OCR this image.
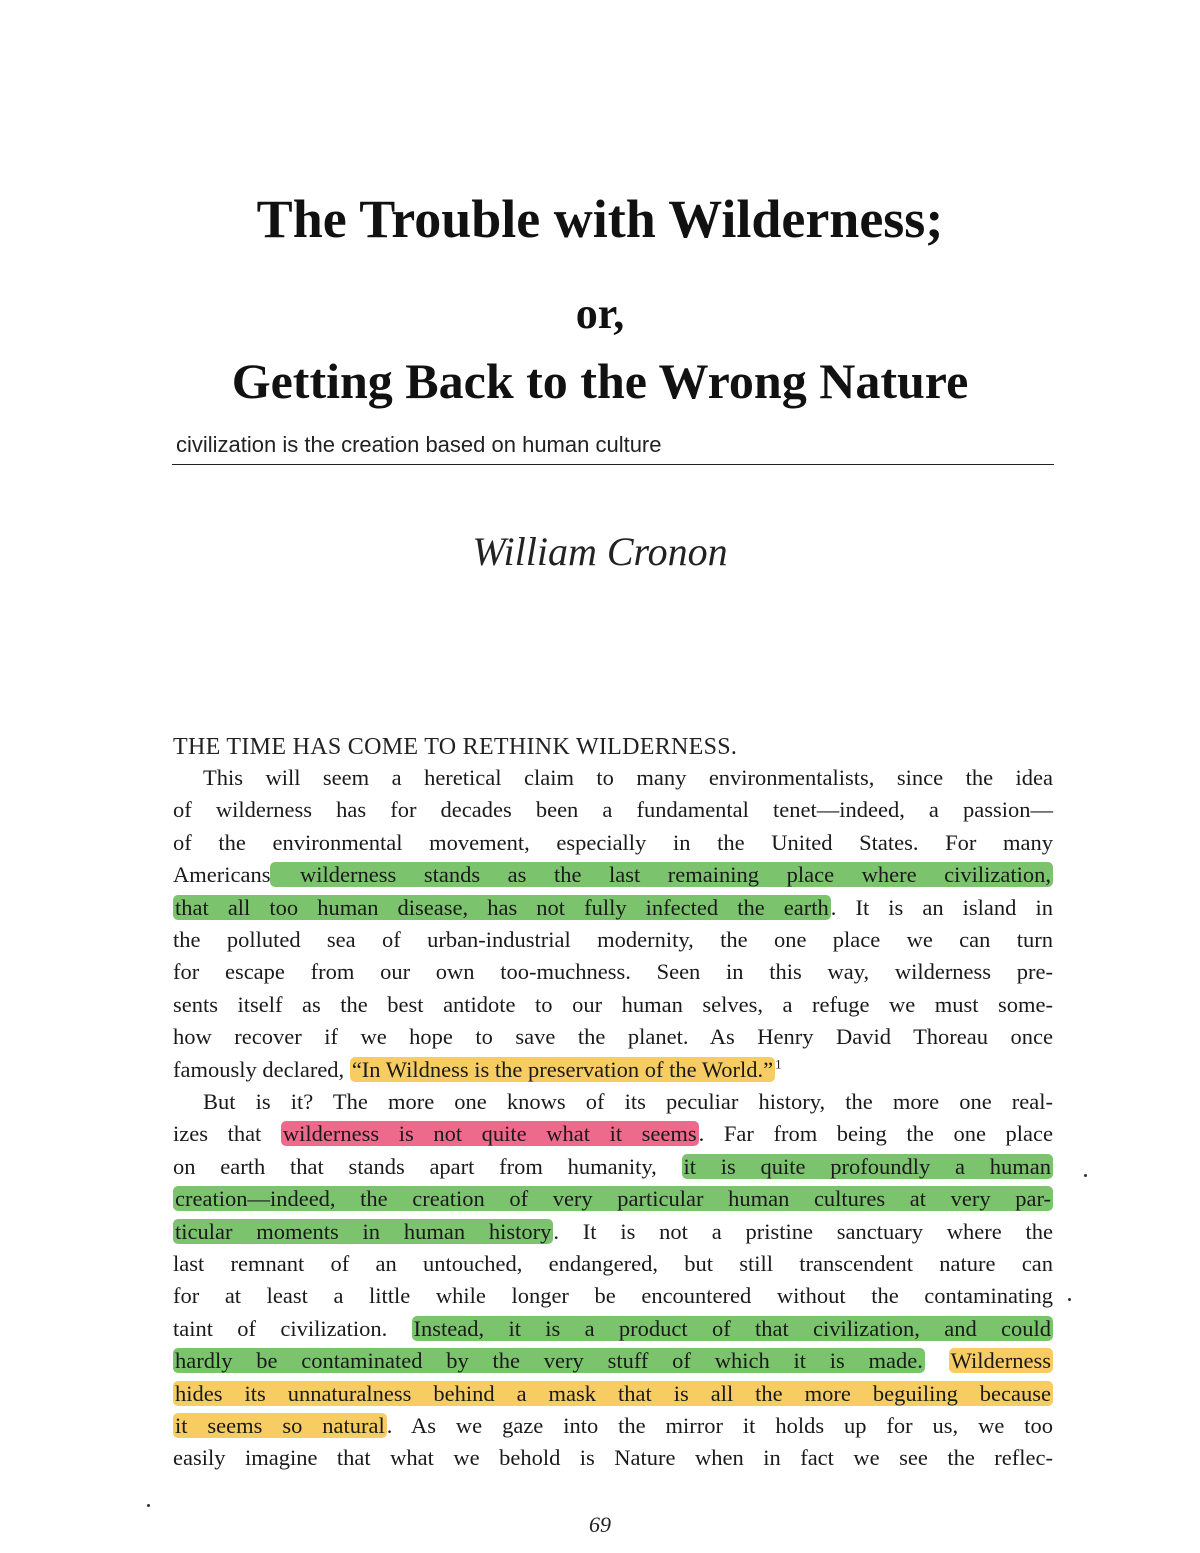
The Trouble with Wilderness;
or,
Getting Back to the Wrong Nature
civilization is the creation based on human culture
William Cronon
THE TIME HAS COME TO RETHINK WILDERNESS.
This will seem a heretical claim to many environmentalists, since the idea
of wilderness has for decades been a fundamental tenet—indeed, a passion—
of the environmental movement, especially in the United States. For many
Americans wilderness stands as the last remaining place where civilization,
that all too human disease, has not fully infected the earth. It is an island in
the polluted sea of urban-industrial modernity, the one place we can turn
for escape from our own too-muchness. Seen in this way, wilderness pre-
sents itself as the best antidote to our human selves, a refuge we must some-
how recover if we hope to save the planet. As Henry David Thoreau once
famously declared, “In Wildness is the preservation of the World.” $^1$
But is it? The more one knows of its peculiar history, the more one real-
izes that wilderness is not quite what it seems. Far from being the one place
on earth that stands apart from humanity, it is quite profoundly a human
creation—indeed, the creation of very particular human cultures at very par-
ticular moments in human history. It is not a pristine sanctuary where the
last remnant of an untouched, endangered, but still transcendent nature can
for at least a little while longer be encountered without the contaminating
taint of civilization. Instead, it is a product of that civilization, and could
hardly be contaminated by the very stuff of which it is made. Wilderness
hides its unnaturalness behind a mask that is all the more beguiling because
it seems so natural. As we gaze into the mirror it holds up for us, we too
easily imagine that what we behold is Nature when in fact we see the reflec-
69
